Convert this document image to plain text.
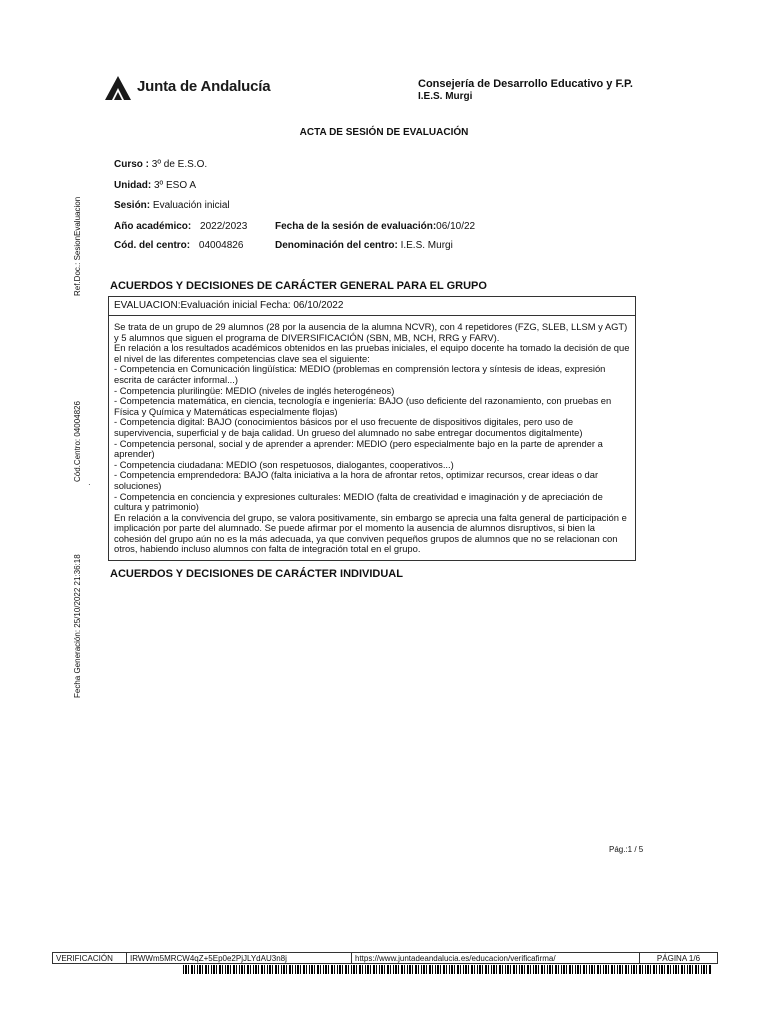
Junta de Andalucía	Consejería de Desarrollo Educativo y F.P.
I.E.S. Murgi
ACTA DE SESIÓN DE EVALUACIÓN
Curso : 3º de E.S.O.
Unidad: 3º ESO A
Sesión: Evaluación inicial
Año académico: 2022/2023	Fecha de la sesión de evaluación:06/10/22
Cód. del centro: 04004826	Denominación del centro: I.E.S. Murgi
Ref.Doc.: SesionEvaluacion
Cód.Centro: 04004826
·
Fecha Generación: 25/10/2022 21:36:18
ACUERDOS Y DECISIONES DE CARÁCTER GENERAL PARA EL GRUPO
EVALUACION:Evaluación inicial Fecha: 06/10/2022

Se trata de un grupo de 29 alumnos (28 por la ausencia de la alumna NCVR), con 4 repetidores (FZG, SLEB, LLSM y AGT) y 5 alumnos que siguen el programa de DIVERSIFICACIÓN (SBN, MB, NCH, RRG y FARV).

En relación a los resultados académicos obtenidos en las pruebas iniciales, el equipo docente ha tomado la decisión de que el nivel de las diferentes competencias clave sea el siguiente:

- Competencia en Comunicación lingüística: MEDIO (problemas en comprensión lectora y síntesis de ideas, expresión escrita de carácter informal...)

- Competencia plurilingüe: MEDIO (niveles de inglés heterogéneos)

- Competencia matemática, en ciencia, tecnología e ingeniería: BAJO (uso deficiente del razonamiento, con pruebas en Física y Química y Matemáticas especialmente flojas)

- Competencia digital: BAJO (conocimientos básicos por el uso frecuente de dispositivos digitales, pero uso de supervivencia, superficial y de baja calidad. Un grueso del alumnado no sabe entregar documentos digitalmente)

- Competencia personal, social y de aprender a aprender: MEDIO (pero especialmente bajo en la parte de aprender a aprender)

- Competencia ciudadana: MEDIO (son respetuosos, dialogantes, cooperativos...)

- Competencia emprendedora: BAJO (falta iniciativa a la hora de afrontar retos, optimizar recursos, crear ideas o dar soluciones)

- Competencia en conciencia y expresiones culturales: MEDIO (falta de creatividad e imaginación y de apreciación de cultura y patrimonio)

En relación a la convivencia del grupo, se valora positivamente, sin embargo se aprecia una falta general de participación e implicación por parte del alumnado. Se puede afirmar por el momento la ausencia de alumnos disruptivos, si bien la cohesión del grupo aún no es la más adecuada, ya que conviven pequeños grupos de alumnos que no se relacionan con otros, habiendo incluso alumnos con falta de integración total en el grupo.

ACUERDOS Y DECISIONES DE CARÁCTER INDIVIDUAL
Pág.:1 / 5
VERIFICACIÓN	IRWWm5MRCW4qZ+5Ep0e2PjJLYdAU3n8j	https://www.juntadeandalucia.es/educacion/verificafirma/	PÁGINA 1/6
